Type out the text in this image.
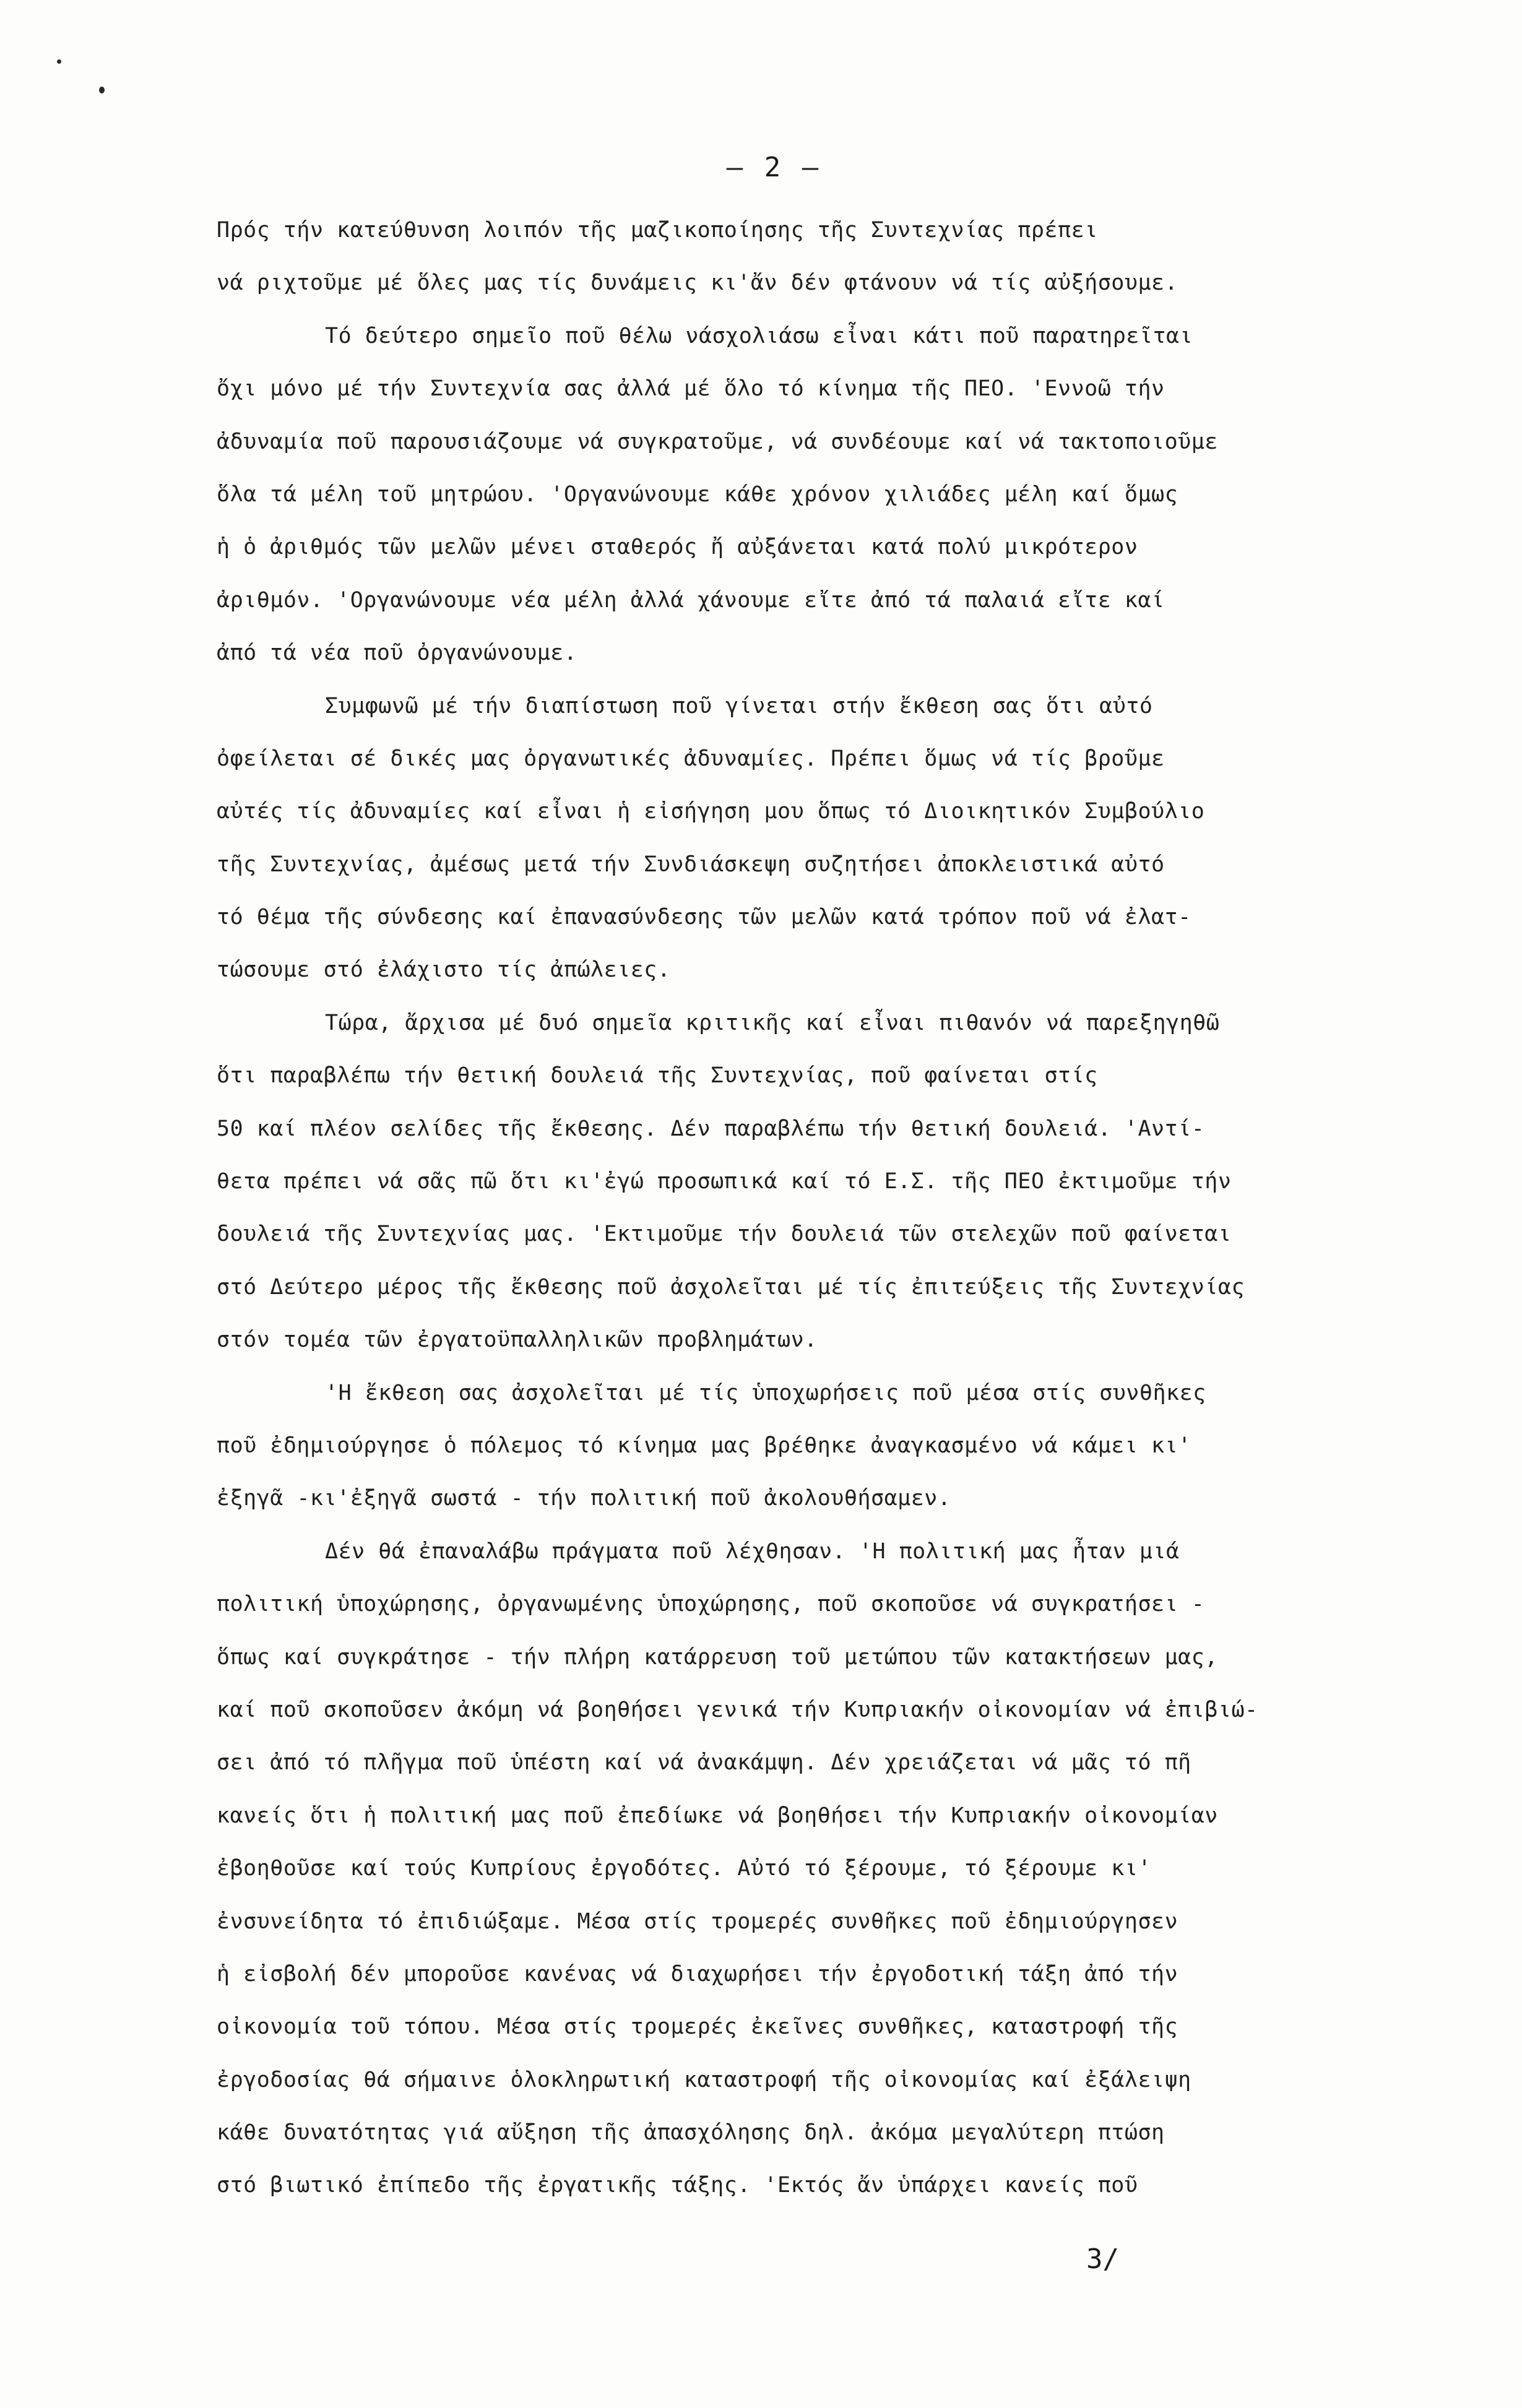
— 2 —
Πρός τήν κατεύθυνση λοιπόν τῆς μαζικοποίησης τῆς Συντεχνίας πρέπει
νά ριχτοῦμε μέ ὅλες μας τίς δυνάμεις κι'ἄν δέν φτάνουν νά τίς αὐξήσουμε.
Τό δεύτερο σημεῖο ποῦ θέλω νάσχολιάσω εἶναι κάτι ποῦ παρατηρεῖται
ὄχι μόνο μέ τήν Συντεχνία σας ἀλλά μέ ὅλο τό κίνημα τῆς ΠΕΟ. 'Εννοῶ τήν
ἀδυναμία ποῦ παρουσιάζουμε νά συγκρατοῦμε, νά συνδέουμε καί νά τακτοποιοῦμε
ὅλα τά μέλη τοῦ μητρώου. 'Οργανώνουμε κάθε χρόνον χιλιάδες μέλη καί ὅμως
ἡ ὁ ἀριθμός τῶν μελῶν μένει σταθερός ἤ αὐξάνεται κατά πολύ μικρότερον
ἀριθμόν. 'Οργανώνουμε νέα μέλη ἀλλά χάνουμε εἴτε ἀπό τά παλαιά εἴτε καί
ἀπό τά νέα ποῦ ὀργανώνουμε.
Συμφωνῶ μέ τήν διαπίστωση ποῦ γίνεται στήν ἔκθεση σας ὅτι αὐτό
ὀφείλεται σέ δικές μας ὀργανωτικές ἀδυναμίες. Πρέπει ὅμως νά τίς βροῦμε
αὐτές τίς ἀδυναμίες καί εἶναι ἡ εἰσήγηση μου ὅπως τό Διοικητικόν Συμβούλιο
τῆς Συντεχνίας, ἀμέσως μετά τήν Συνδιάσκεψη συζητήσει ἀποκλειστικά αὐτό
τό θέμα τῆς σύνδεσης καί ἐπανασύνδεσης τῶν μελῶν κατά τρόπον ποῦ νά ἐλατ-
τώσουμε στό ἐλάχιστο τίς ἀπώλειες.
Τώρα, ἄρχισα μέ δυό σημεῖα κριτικῆς καί εἶναι πιθανόν νά παρεξηγηθῶ
ὅτι παραβλέπω τήν θετική δουλειά τῆς Συντεχνίας, ποῦ φαίνεται στίς
50 καί πλέον σελίδες τῆς ἔκθεσης. Δέν παραβλέπω τήν θετική δουλειά. 'Αντί-
θετα πρέπει νά σᾶς πῶ ὅτι κι'ἐγώ προσωπικά καί τό Ε.Σ. τῆς ΠΕΟ ἐκτιμοῦμε τήν
δουλειά τῆς Συντεχνίας μας. 'Εκτιμοῦμε τήν δουλειά τῶν στελεχῶν ποῦ φαίνεται
στό Δεύτερο μέρος τῆς ἔκθεσης ποῦ ἀσχολεῖται μέ τίς ἐπιτεύξεις τῆς Συντεχνίας
στόν τομέα τῶν ἐργατοϋπαλληλικῶν προβλημάτων.
'Η ἔκθεση σας ἀσχολεῖται μέ τίς ὑποχωρήσεις ποῦ μέσα στίς συνθῆκες
ποῦ ἐδημιούργησε ὁ πόλεμος τό κίνημα μας βρέθηκε ἀναγκασμένο νά κάμει κι'
ἐξηγᾶ -κι'ἐξηγᾶ σωστά - τήν πολιτική ποῦ ἀκολουθήσαμεν.
Δέν θά ἐπαναλάβω πράγματα ποῦ λέχθησαν. 'Η πολιτική μας ἦταν μιά
πολιτική ὑποχώρησης, ὀργανωμένης ὑποχώρησης, ποῦ σκοποῦσε νά συγκρατήσει -
ὅπως καί συγκράτησε - τήν πλήρη κατάρρευση τοῦ μετώπου τῶν κατακτήσεων μας,
καί ποῦ σκοποῦσεν ἀκόμη νά βοηθήσει γενικά τήν Κυπριακήν οἰκονομίαν νά ἐπιβιώ-
σει ἀπό τό πλῆγμα ποῦ ὑπέστη καί νά ἀνακάμψη. Δέν χρειάζεται νά μᾶς τό πῆ
κανείς ὅτι ἡ πολιτική μας ποῦ ἐπεδίωκε νά βοηθήσει τήν Κυπριακήν οἰκονομίαν
ἐβοηθοῦσε καί τούς Κυπρίους ἐργοδότες. Αὐτό τό ξέρουμε, τό ξέρουμε κι'
ἐνσυνείδητα τό ἐπιδιώξαμε. Μέσα στίς τρομερές συνθῆκες ποῦ ἐδημιούργησεν
ἡ εἰσβολή δέν μποροῦσε κανένας νά διαχωρήσει τήν ἐργοδοτική τάξη ἀπό τήν
οἰκονομία τοῦ τόπου. Μέσα στίς τρομερές ἐκεῖνες συνθῆκες, καταστροφή τῆς
ἐργοδοσίας θά σήμαινε ὁλοκληρωτική καταστροφή τῆς οἰκονομίας καί ἐξάλειψη
κάθε δυνατότητας γιά αὔξηση τῆς ἀπασχόλησης δηλ. ἀκόμα μεγαλύτερη πτώση
στό βιωτικό ἐπίπεδο τῆς ἐργατικῆς τάξης. 'Εκτός ἄν ὑπάρχει κανείς ποῦ
3/
